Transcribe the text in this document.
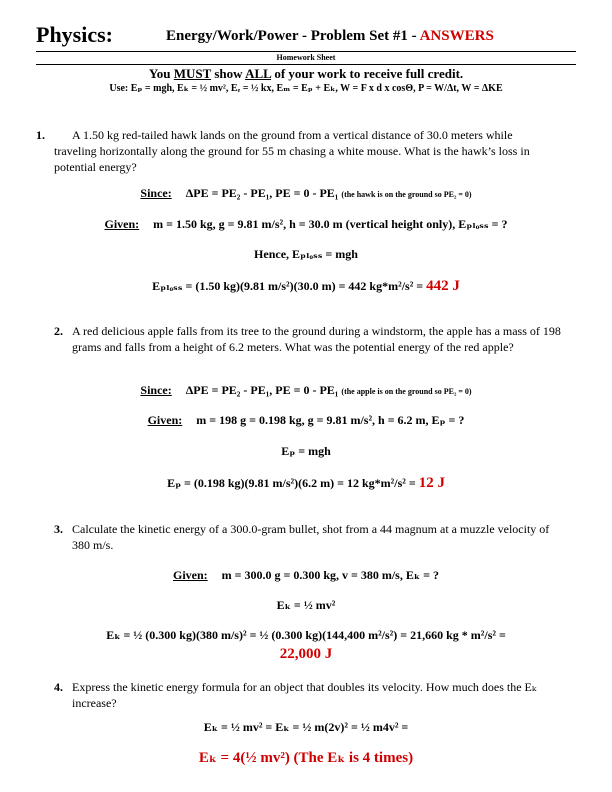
Physics:	Energy/Work/Power - Problem Set #1 - ANSWERS
Homework Sheet
You MUST show ALL of your work to receive full credit.
Use: Eₚ = mgh, Eₖ = ½ mv², Eₑ = ½ kx, Eₘ = Eₚ + Eₖ, W = F x d x cosΘ, P = W/Δt, W = ΔKE
1.	A 1.50 kg red-tailed hawk lands on the ground from a vertical distance of 30.0 meters while traveling horizontally along the ground for 55 m chasing a white mouse. What is the hawk’s loss in potential energy?
Since: ΔPE = PE₂ - PE₁, PE = 0 - PE₁ (the hawk is on the ground so PE₂ = 0)
Given: m = 1.50 kg, g = 9.81 m/s², h = 30.0 m (vertical height only), Eₚₗₒₛₛ = ?
Hence, Eₚₗₒₛₛ = mgh
Eₚₗₒₛₛ = (1.50 kg)(9.81 m/s²)(30.0 m) = 442 kg*m²/s² = 442 J
2. A red delicious apple falls from its tree to the ground during a windstorm, the apple has a mass of 198 grams and falls from a height of 6.2 meters. What was the potential energy of the red apple?
Since: ΔPE = PE₂ - PE₁, PE = 0 - PE₁ (the apple is on the ground so PE₂ = 0)
Given: m = 198 g = 0.198 kg, g = 9.81 m/s², h = 6.2 m, Eₚ = ?
Eₚ = mgh
Eₚ = (0.198 kg)(9.81 m/s²)(6.2 m) = 12 kg*m²/s² = 12 J
3. Calculate the kinetic energy of a 300.0-gram bullet, shot from a 44 magnum at a muzzle velocity of 380 m/s.
Given: m = 300.0 g = 0.300 kg, v = 380 m/s, Eₖ = ?
Eₖ = ½ mv²
Eₖ = ½ (0.300 kg)(380 m/s)² = ½ (0.300 kg)(144,400 m²/s²) = 21,660 kg * m²/s² =
22,000 J
4. Express the kinetic energy formula for an object that doubles its velocity. How much does the Eₖ increase?
Eₖ = ½ mv² = Eₖ = ½ m(2v)² = ½ m4v² =
Eₖ = 4(½ mv²) (The Eₖ is 4 times)
